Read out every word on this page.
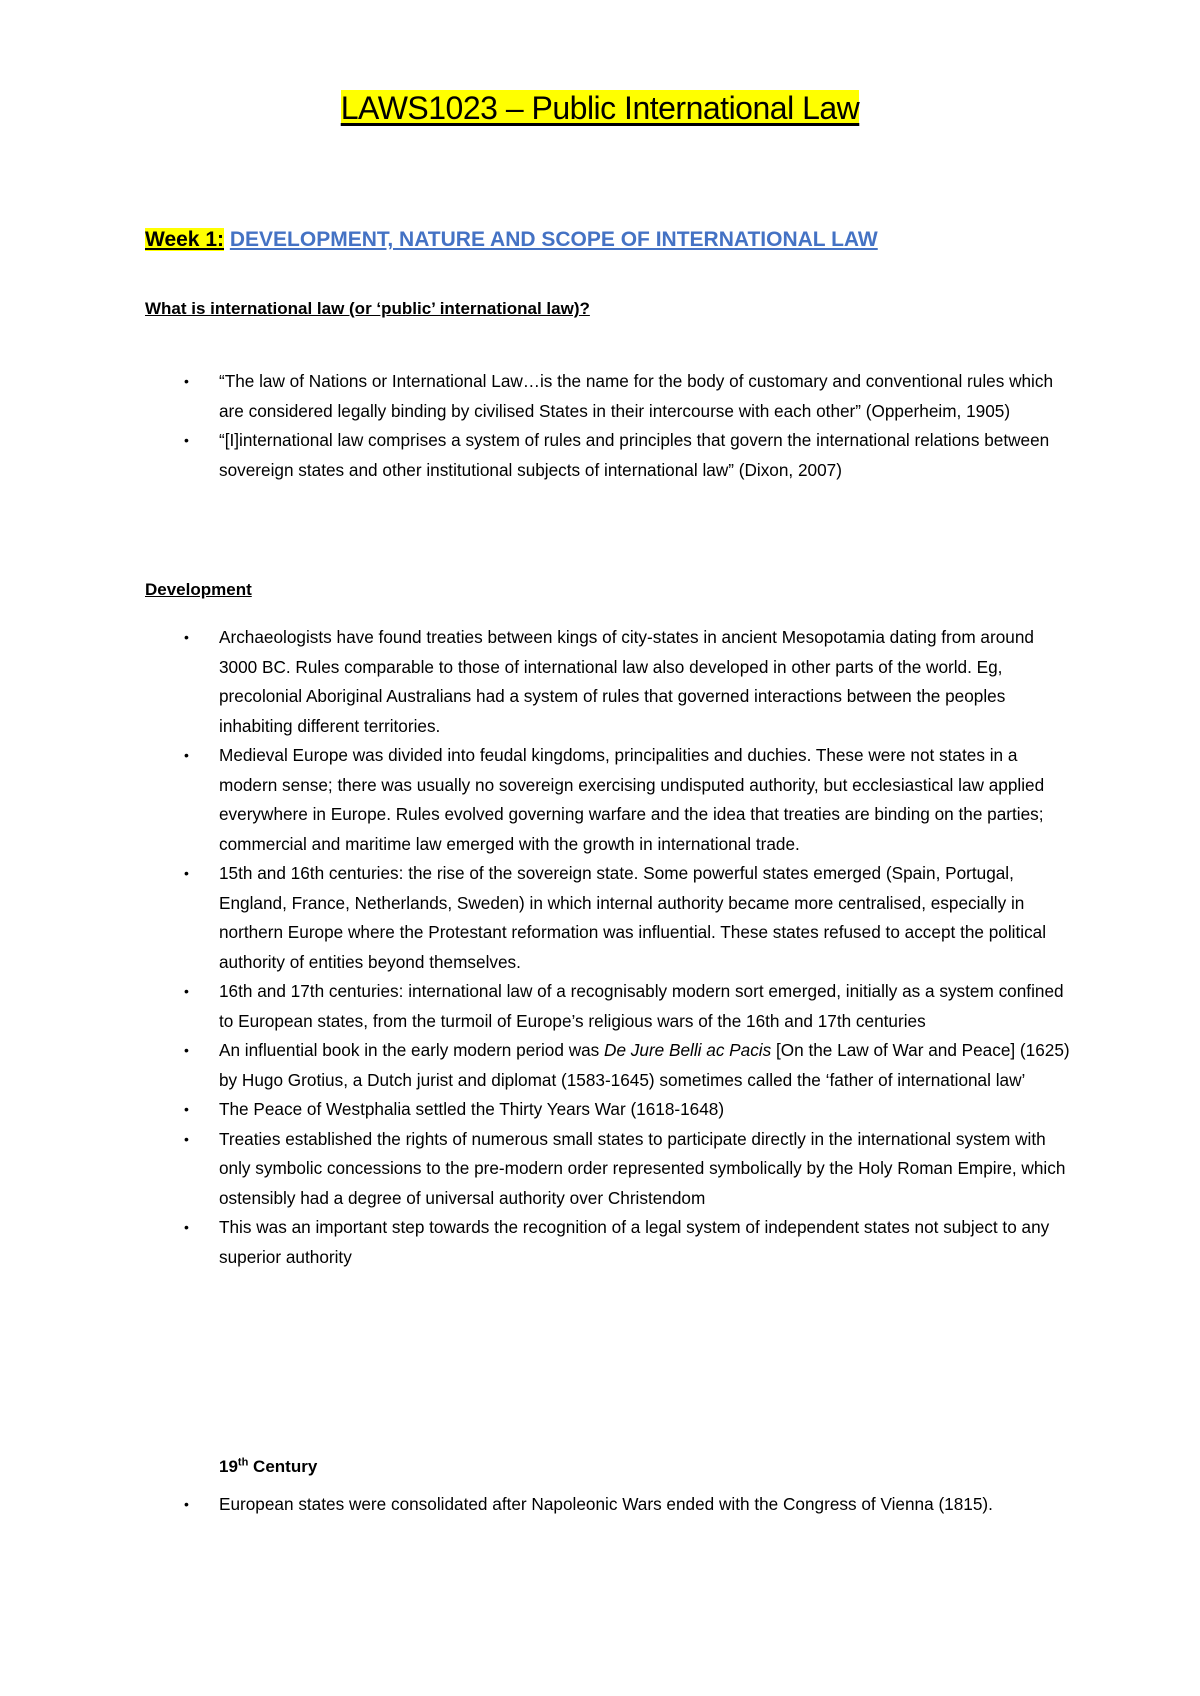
LAWS1023 – Public International Law
Week 1: DEVELOPMENT, NATURE AND SCOPE OF INTERNATIONAL LAW
What is international law (or ‘public’ international law)?
• “The law of Nations or International Law…is the name for the body of customary and conventional rules which are considered legally binding by civilised States in their intercourse with each other” (Opperheim, 1905)
• “[I]international law comprises a system of rules and principles that govern the international relations between sovereign states and other institutional subjects of international law” (Dixon, 2007)
Development
• Archaeologists have found treaties between kings of city-states in ancient Mesopotamia dating from around 3000 BC. Rules comparable to those of international law also developed in other parts of the world. Eg, precolonial Aboriginal Australians had a system of rules that governed interactions between the peoples inhabiting different territories.
• Medieval Europe was divided into feudal kingdoms, principalities and duchies. These were not states in a modern sense; there was usually no sovereign exercising undisputed authority, but ecclesiastical law applied everywhere in Europe. Rules evolved governing warfare and the idea that treaties are binding on the parties; commercial and maritime law emerged with the growth in international trade.
• 15th and 16th centuries: the rise of the sovereign state. Some powerful states emerged (Spain, Portugal, England, France, Netherlands, Sweden) in which internal authority became more centralised, especially in northern Europe where the Protestant reformation was influential. These states refused to accept the political authority of entities beyond themselves.
• 16th and 17th centuries: international law of a recognisably modern sort emerged, initially as a system confined to European states, from the turmoil of Europe’s religious wars of the 16th and 17th centuries
• An influential book in the early modern period was De Jure Belli ac Pacis [On the Law of War and Peace] (1625) by Hugo Grotius, a Dutch jurist and diplomat (1583-1645) sometimes called the ‘father of international law’
• The Peace of Westphalia settled the Thirty Years War (1618-1648)
• Treaties established the rights of numerous small states to participate directly in the international system with only symbolic concessions to the pre-modern order represented symbolically by the Holy Roman Empire, which ostensibly had a degree of universal authority over Christendom
• This was an important step towards the recognition of a legal system of independent states not subject to any superior authority
19th Century
• European states were consolidated after Napoleonic Wars ended with the Congress of Vienna (1815).
